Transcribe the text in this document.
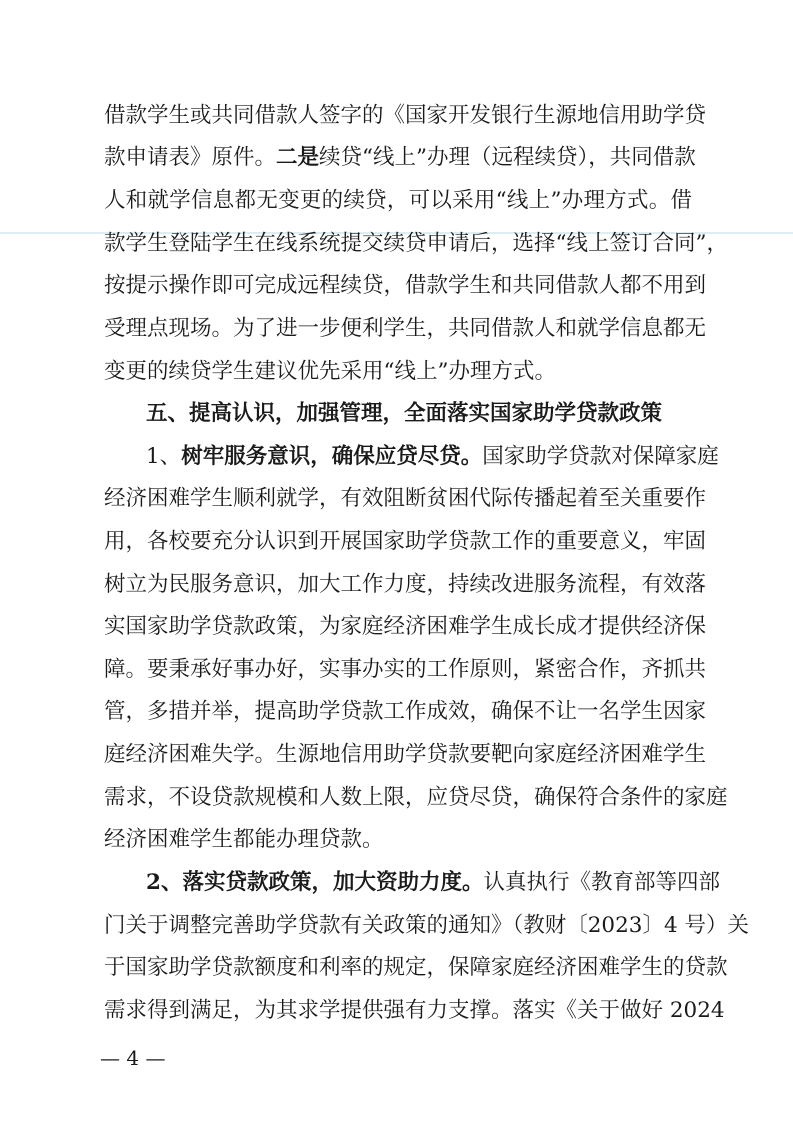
借款学生或共同借款人签字的《国家开发银行生源地信用助学贷
款申请表》原件。二是续贷“线上”办理（远程续贷），共同借款
人和就学信息都无变更的续贷，可以采用“线上”办理方式。借
款学生登陆学生在线系统提交续贷申请后，选择“线上签订合同”，
按提示操作即可完成远程续贷，借款学生和共同借款人都不用到
受理点现场。为了进一步便利学生，共同借款人和就学信息都无
变更的续贷学生建议优先采用“线上”办理方式。
五、提高认识，加强管理，全面落实国家助学贷款政策
1、树牢服务意识，确保应贷尽贷。国家助学贷款对保障家庭
经济困难学生顺利就学，有效阻断贫困代际传播起着至关重要作
用，各校要充分认识到开展国家助学贷款工作的重要意义，牢固
树立为民服务意识，加大工作力度，持续改进服务流程，有效落
实国家助学贷款政策，为家庭经济困难学生成长成才提供经济保
障。要秉承好事办好，实事办实的工作原则，紧密合作，齐抓共
管，多措并举，提高助学贷款工作成效，确保不让一名学生因家
庭经济困难失学。生源地信用助学贷款要靶向家庭经济困难学生
需求，不设贷款规模和人数上限，应贷尽贷，确保符合条件的家庭
经济困难学生都能办理贷款。
2、落实贷款政策，加大资助力度。认真执行《教育部等四部
门关于调整完善助学贷款有关政策的通知》（教财〔2023〕4 号）关
于国家助学贷款额度和利率的规定，保障家庭经济困难学生的贷款
需求得到满足，为其求学提供强有力支撑。落实《关于做好 2024
— 4 —
